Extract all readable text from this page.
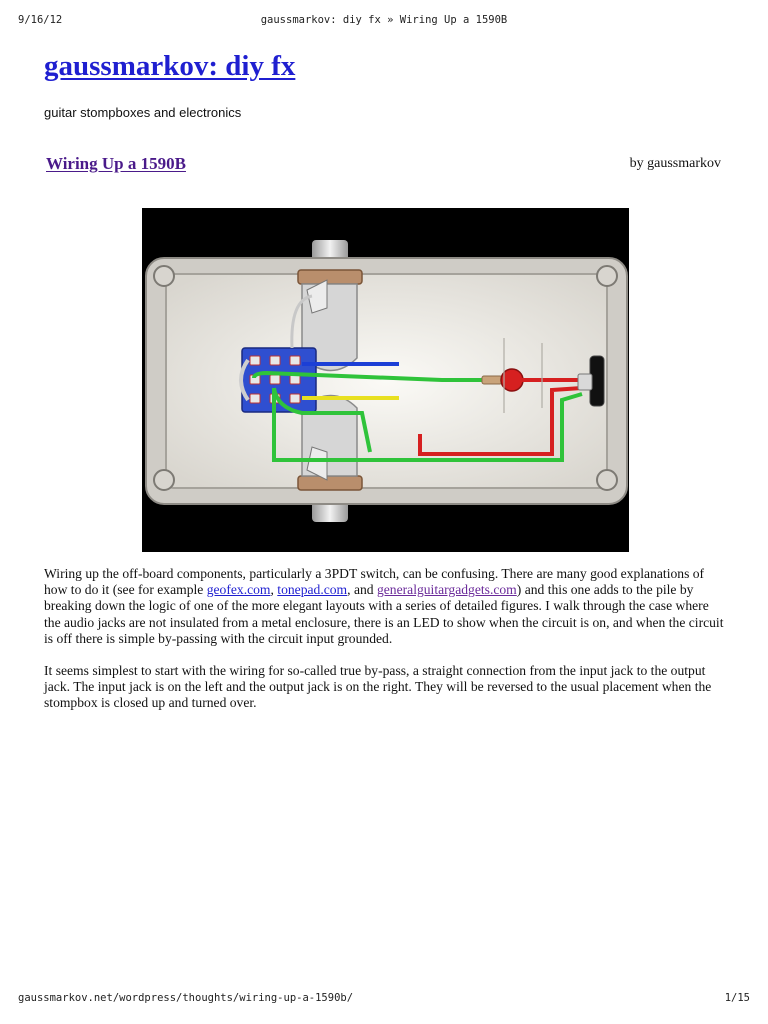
9/16/12	gaussmarkov: diy fx » Wiring Up a 1590B
gaussmarkov: diy fx
guitar stompboxes and electronics
Wiring Up a 1590B	by gaussmarkov

Wiring up the off-board components, particularly a 3PDT switch, can be confusing. There are many good explanations of how to do it (see for example geofex.com, tonepad.com, and generalguitargadgets.com) and this one adds to the pile by breaking down the logic of one of the more elegant layouts with a series of detailed figures. I walk through the case where the audio jacks are not insulated from a metal enclosure, there is an LED to show when the circuit is on, and when the circuit is off there is simple by-passing with the circuit input grounded.

It seems simplest to start with the wiring for so-called true by-pass, a straight connection from the input jack to the output jack. The input jack is on the left and the output jack is on the right. They will be reversed to the usual placement when the stompbox is closed up and turned over.

gaussmarkov.net/wordpress/thoughts/wiring-up-a-1590b/	1/15
